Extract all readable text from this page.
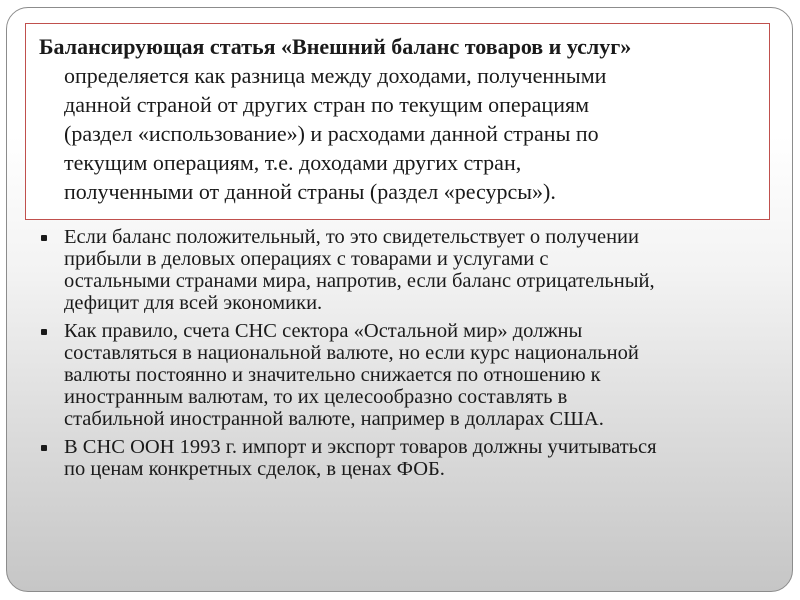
Балансирующая статья «Внешний баланс товаров и услуг»
определяется как разница между доходами, полученными
данной страной от других стран по текущим операциям
(раздел «использование») и расходами данной страны по
текущим операциям, т.е. доходами других стран,
полученными от данной страны (раздел «ресурсы»).

Если баланс положительный, то это свидетельствует о получении
прибыли в деловых операциях с товарами и услугами с
остальными странами мира, напротив, если баланс отрицательный,
дефицит для всей экономики.
Как правило, счета СНС сектора «Остальной мир» должны
составляться в национальной валюте, но если курс национальной
валюты постоянно и значительно снижается по отношению к
иностранным валютам, то их целесообразно составлять в
стабильной иностранной валюте, например в долларах США.
В СНС ООН 1993 г. импорт и экспорт товаров должны учитываться
по ценам конкретных сделок, в ценах ФОБ.
